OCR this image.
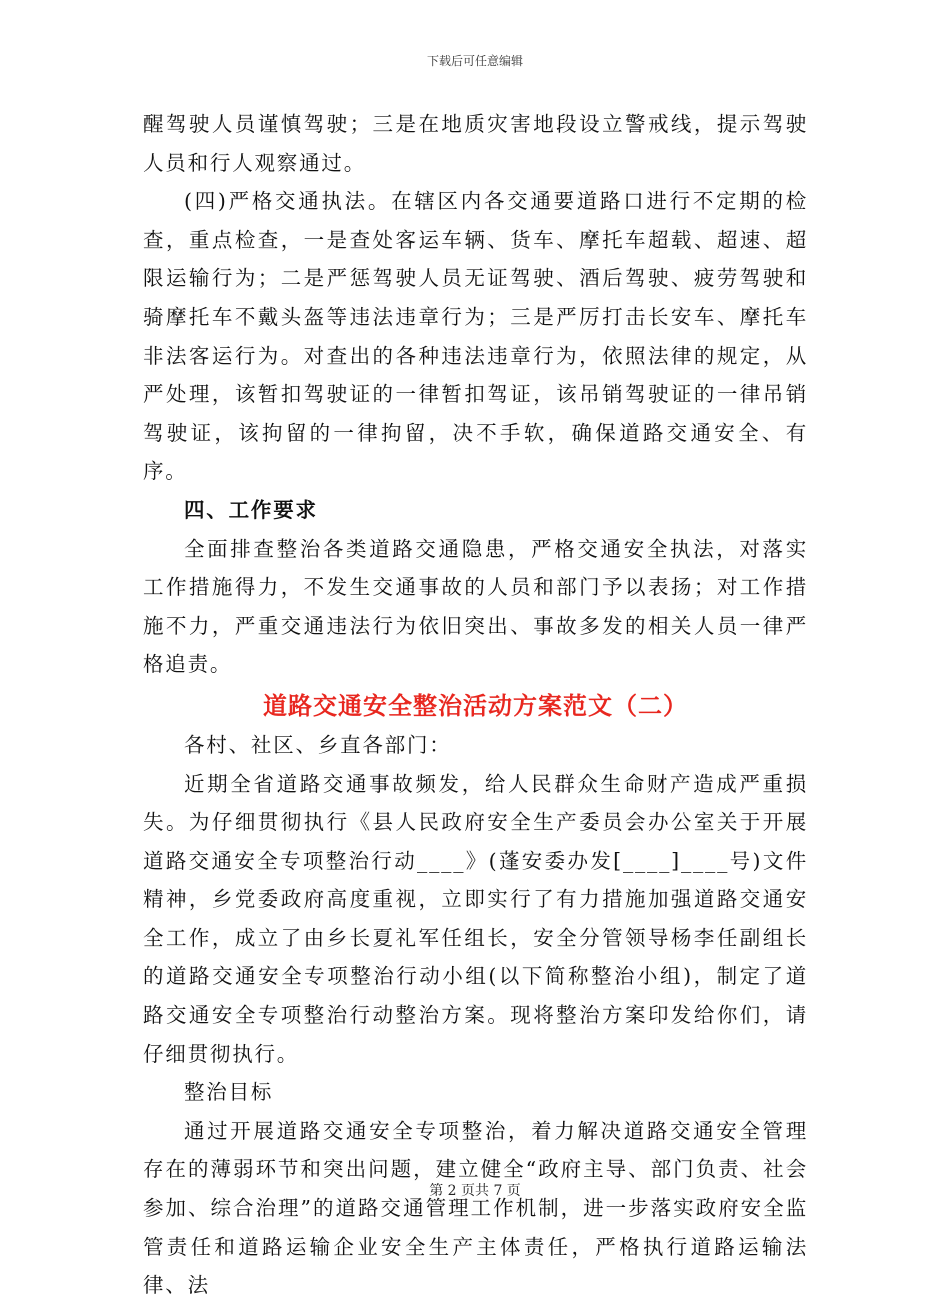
下载后可任意编辑

醒驾驶人员谨慎驾驶；三是在地质灾害地段设立警戒线，提示驾驶人员和行人观察通过。

(四)严格交通执法。在辖区内各交通要道路口进行不定期的检查，重点检查，一是查处客运车辆、货车、摩托车超载、超速、超限运输行为；二是严惩驾驶人员无证驾驶、酒后驾驶、疲劳驾驶和骑摩托车不戴头盔等违法违章行为；三是严厉打击长安车、摩托车非法客运行为。对查出的各种违法违章行为，依照法律的规定，从严处理，该暂扣驾驶证的一律暂扣驾证，该吊销驾驶证的一律吊销驾驶证，该拘留的一律拘留，决不手软，确保道路交通安全、有序。

四、工作要求

全面排查整治各类道路交通隐患，严格交通安全执法，对落实工作措施得力，不发生交通事故的人员和部门予以表扬；对工作措施不力，严重交通违法行为依旧突出、事故多发的相关人员一律严格追责。

道路交通安全整治活动方案范文（二）

各村、社区、乡直各部门：

近期全省道路交通事故频发，给人民群众生命财产造成严重损失。为仔细贯彻执行《县人民政府安全生产委员会办公室关于开展道路交通安全专项整治行动____》(蓬安委办发[____]____号)文件精神，乡党委政府高度重视，立即实行了有力措施加强道路交通安全工作，成立了由乡长夏礼军任组长，安全分管领导杨李任副组长的道路交通安全专项整治行动小组(以下简称整治小组)，制定了道路交通安全专项整治行动整治方案。现将整治方案印发给你们，请仔细贯彻执行。

整治目标

通过开展道路交通安全专项整治，着力解决道路交通安全管理存在的薄弱环节和突出问题，建立健全“政府主导、部门负责、社会参加、综合治理”的道路交通管理工作机制，进一步落实政府安全监管责任和道路运输企业安全生产主体责任，严格执行道路运输法律、法

第 2 页共 7 页
